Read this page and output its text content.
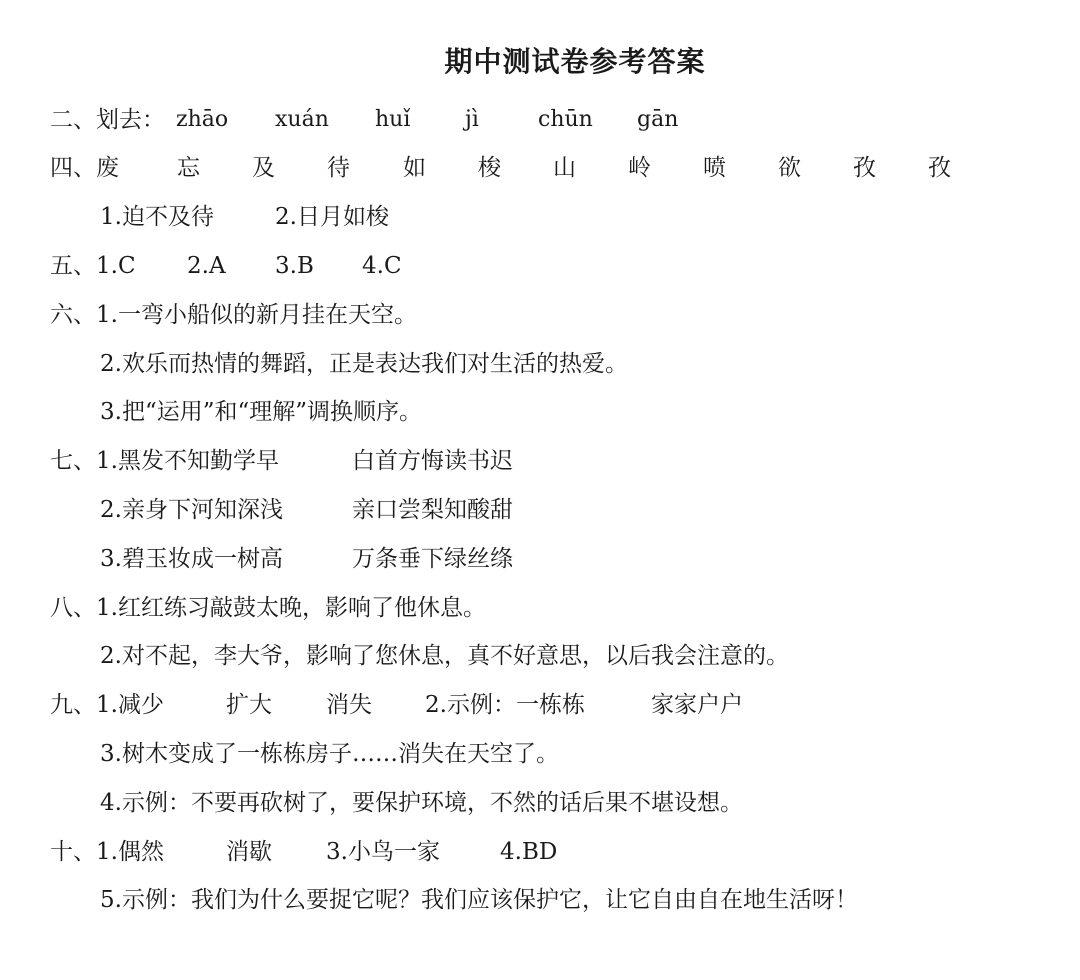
期中测试卷参考答案
二、划去： zhāo xuán huǐ jì	chūn gān
四、废	忘 及 待 如 梭 山 岭 喷 欲 孜 孜
1.迫不及待	2.日月如梭
五、1.C 2.A 3.B 4.C
六、1.一弯小船似的新月挂在天空。
2.欢乐而热情的舞蹈，正是表达我们对生活的热爱。
3.把“运用”和“理解”调换顺序。
七、1.黑发不知勤学早	白首方悔读书迟
2.亲身下河知深浅	亲口尝梨知酸甜
3.碧玉妆成一树高	万条垂下绿丝绦
八、1.红红练习敲鼓太晚，影响了他休息。
2.对不起，李大爷，影响了您休息，真不好意思，以后我会注意的。
九、1.减少	扩大 消失 2.示例：一栋栋	家家户户
3.树木变成了一栋栋房子……消失在天空了。
4.示例：不要再砍树了，要保护环境，不然的话后果不堪设想。
十、1.偶然	消歇 3.小鸟一家	4.BD
5.示例：我们为什么要捉它呢？我们应该保护它，让它自由自在地生活呀！
